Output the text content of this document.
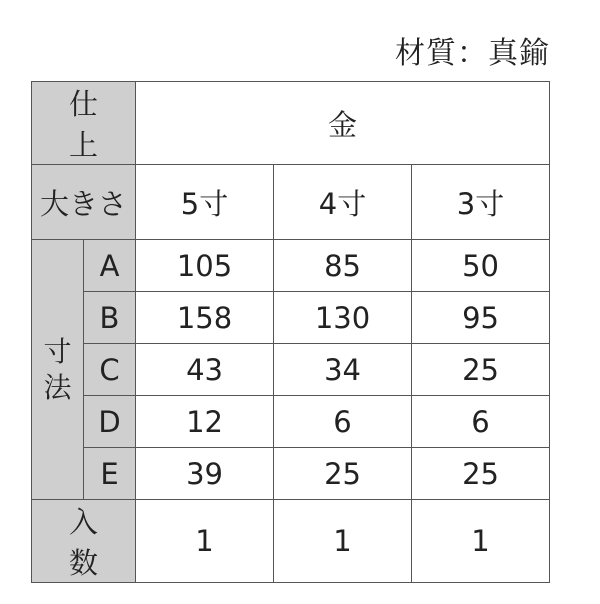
材質：真鍮
仕上		金		
大きさ		5寸	4寸	3寸

寸法	A	105	85	50
	B	158	130	95
	C	43	34	25
	D	12	6	6
	E	39	25	25
入数		1	1	1
